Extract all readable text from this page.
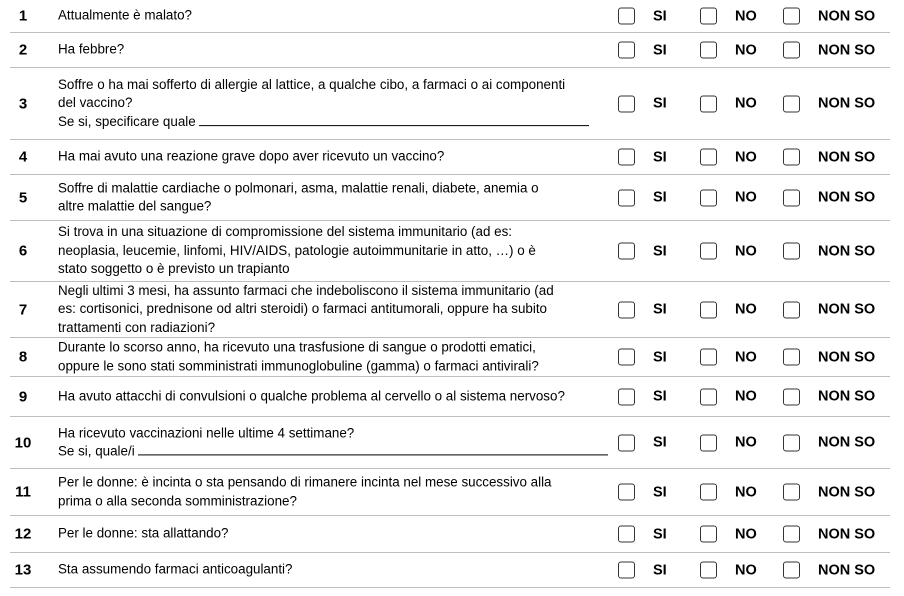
1	Attualmente è malato?	SI	NO	NON SO
2	Ha febbre?	SI	NO	NON SO
3
Soffre o ha mai sofferto di allergie al lattice, a qualche cibo, a farmaci o ai componenti
del vaccino?
Se si, specificare quale
SI	NO	NON SO
4	Ha mai avuto una reazione grave dopo aver ricevuto un vaccino?	SI	NO	NON SO
5
Soffre di malattie cardiache o polmonari, asma, malattie renali, diabete, anemia o
altre malattie del sangue?
SI	NO	NON SO
6
Si trova in una situazione di compromissione del sistema immunitario (ad es:
neoplasia, leucemie, linfomi, HIV/AIDS, patologie autoimmunitarie in atto, …) o è
stato soggetto o è previsto un trapianto
SI	NO	NON SO
7
Negli ultimi 3 mesi, ha assunto farmaci che indeboliscono il sistema immunitario (ad
es: cortisonici, prednisone od altri steroidi) o farmaci antitumorali, oppure ha subito
trattamenti con radiazioni?
SI	NO	NON SO
8
Durante lo scorso anno, ha ricevuto una trasfusione di sangue o prodotti ematici,
oppure le sono stati somministrati immunoglobuline (gamma) o farmaci antivirali?
SI	NO	NON SO
9	Ha avuto attacchi di convulsioni o qualche problema al cervello o al sistema nervoso?	SI	NO	NON SO
10
Ha ricevuto vaccinazioni nelle ultime 4 settimane?
Se si, quale/i
SI	NO	NON SO
11
Per le donne: è incinta o sta pensando di rimanere incinta nel mese successivo alla
prima o alla seconda somministrazione?
SI	NO	NON SO
12	Per le donne: sta allattando?	SI	NO	NON SO
13	Sta assumendo farmaci anticoagulanti?	SI	NO	NON SO
